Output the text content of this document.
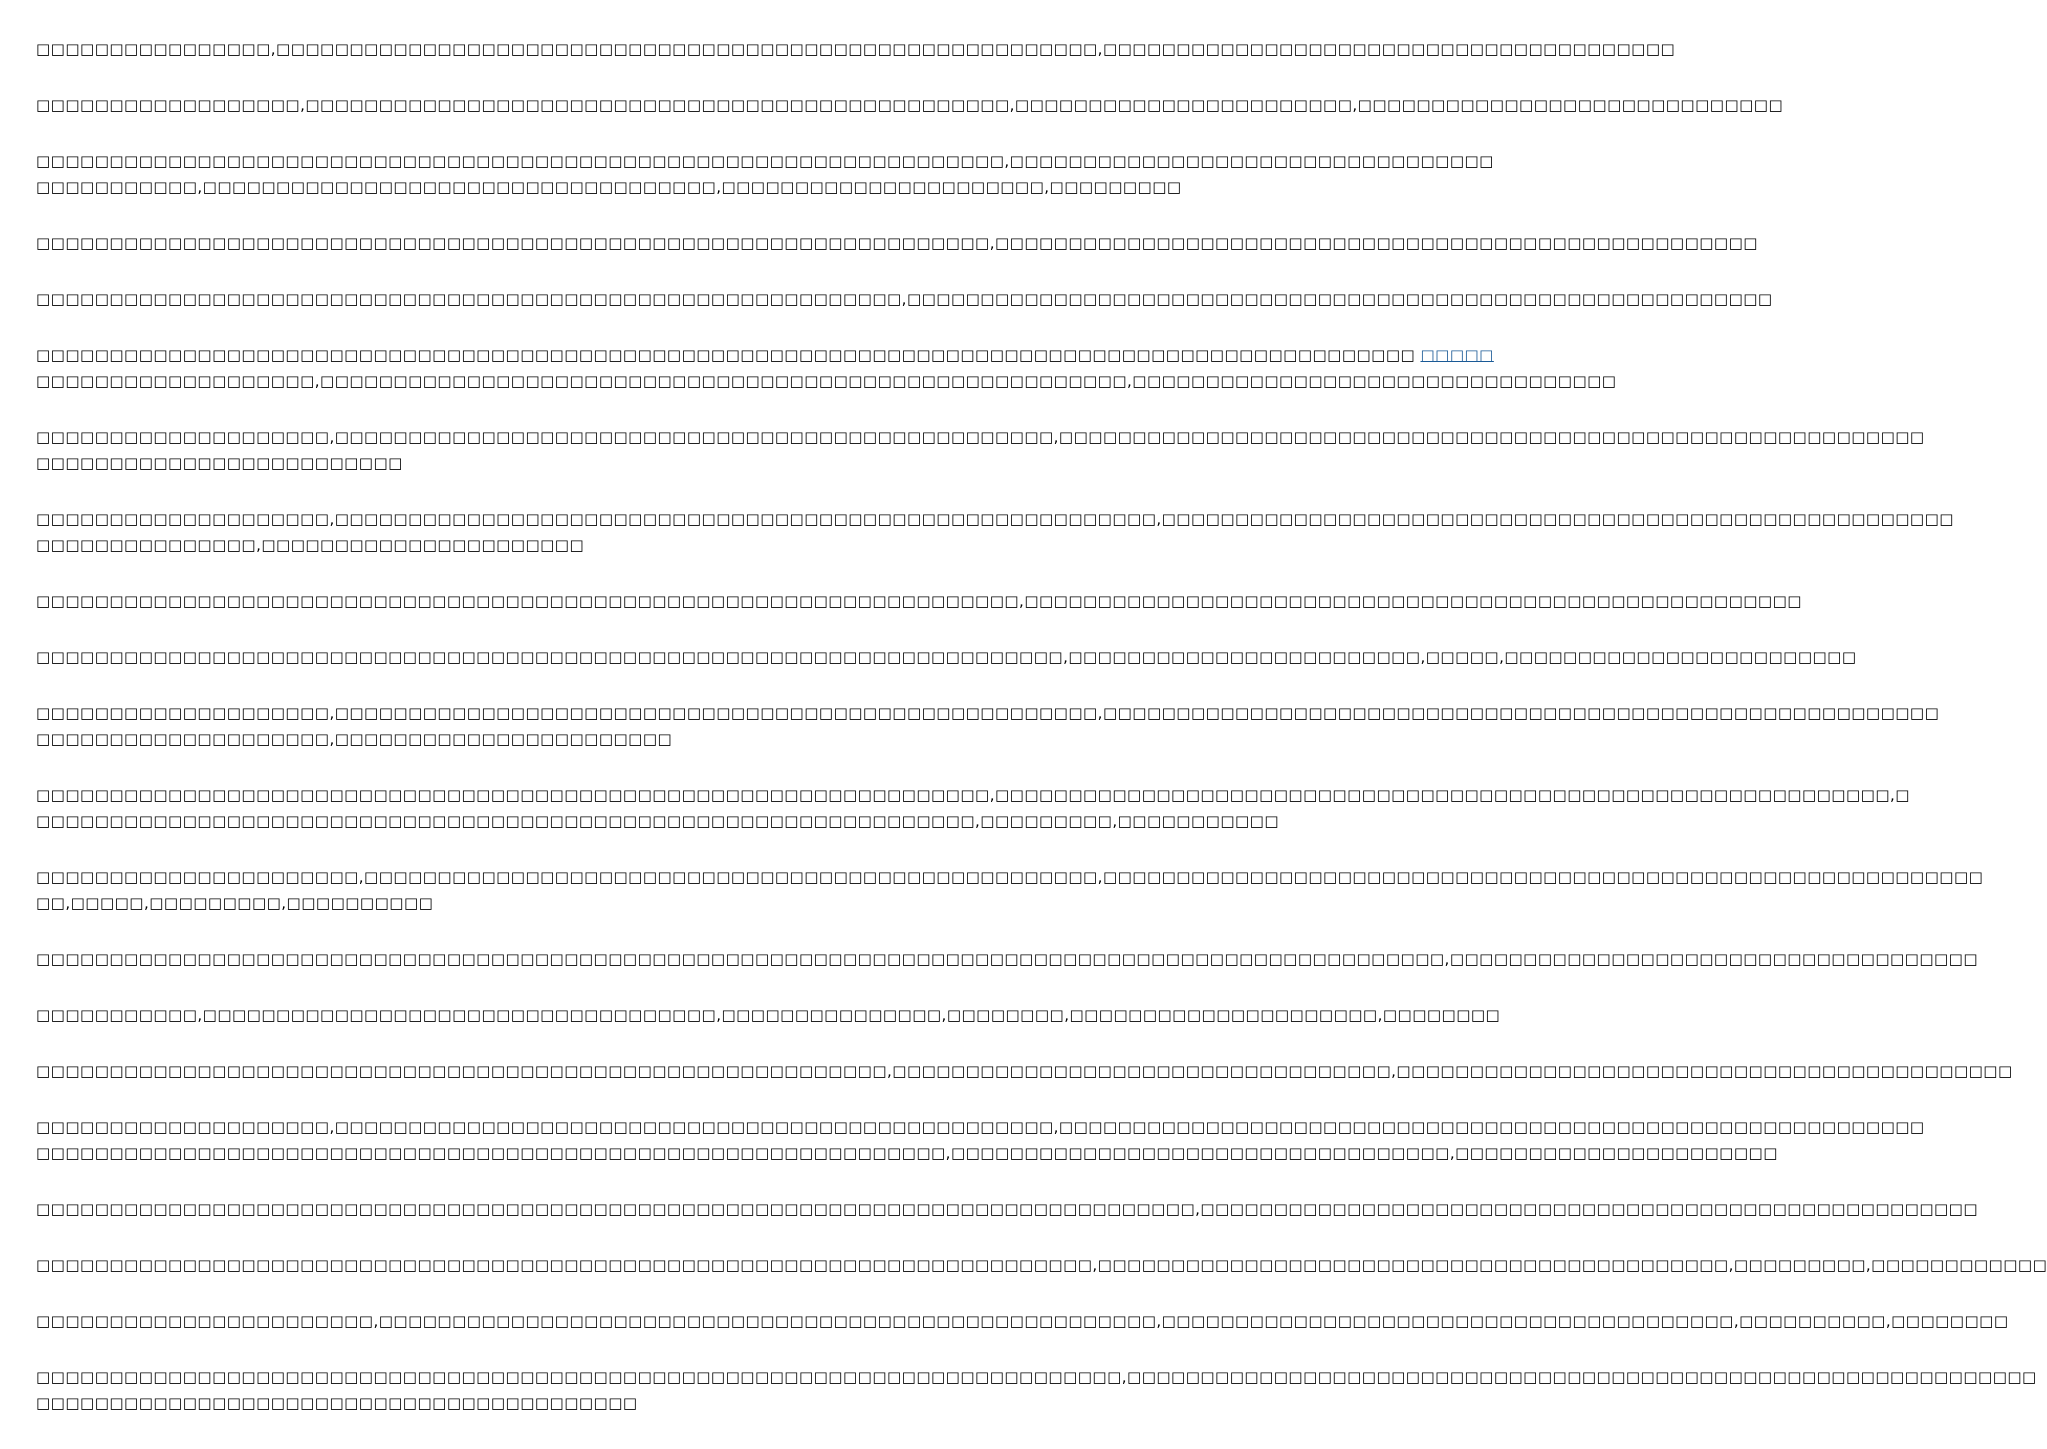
□□□□□□□□□□□□□□□□,□□□□□□□□□□□□□□□□□□□□□□□□□□□□□□□□□□□□□□□□□□□□□□□□□□□□□□□□,□□□□□□□□□□□□□□□□□□□□□□□□□□□□□□□□□□□□□□□
□□□□□□□□□□□□□□□□□□,□□□□□□□□□□□□□□□□□□□□□□□□□□□□□□□□□□□□□□□□□□□□□□□□,□□□□□□□□□□□□□□□□□□□□□□□,□□□□□□□□□□□□□□□□□□□□□□□□□□□□□
□□□□□□□□□□□□□□□□□□□□□□□□□□□□□□□□□□□□□□□□□□□□□□□□□□□□□□□□□□□□□□□□□□,□□□□□□□□□□□□□□□□□□□□□□□□□□□□□□□□□
□□□□□□□□□□□,□□□□□□□□□□□□□□□□□□□□□□□□□□□□□□□□□□□,□□□□□□□□□□□□□□□□□□□□□□,□□□□□□□□□
□□□□□□□□□□□□□□□□□□□□□□□□□□□□□□□□□□□□□□□□□□□□□□□□□□□□□□□□□□□□□□□□□,□□□□□□□□□□□□□□□□□□□□□□□□□□□□□□□□□□□□□□□□□□□□□□□□□□□□
□□□□□□□□□□□□□□□□□□□□□□□□□□□□□□□□□□□□□□□□□□□□□□□□□□□□□□□□□□□,□□□□□□□□□□□□□□□□□□□□□□□□□□□□□□□□□□□□□□□□□□□□□□□□□□□□□□□□□□□
□□□□□□□□□□□□□□□□□□□□□□□□□□□□□□□□□□□□□□□□□□□□□□□□□□□□□□□□□□□□□□□□□□□□□□□□□□□□□□□□□□□□□□□□□□□□□□ □□□□□
□□□□□□□□□□□□□□□□□□□,□□□□□□□□□□□□□□□□□□□□□□□□□□□□□□□□□□□□□□□□□□□□□□□□□□□□□□□,□□□□□□□□□□□□□□□□□□□□□□□□□□□□□□□□□
□□□□□□□□□□□□□□□□□□□□,□□□□□□□□□□□□□□□□□□□□□□□□□□□□□□□□□□□□□□□□□□□□□□□□□,□□□□□□□□□□□□□□□□□□□□□□□□□□□□□□□□□□□□□□□□□□□□□□□□□□□□□□□□□□□
□□□□□□□□□□□□□□□□□□□□□□□□□
□□□□□□□□□□□□□□□□□□□□,□□□□□□□□□□□□□□□□□□□□□□□□□□□□□□□□□□□□□□□□□□□□□□□□□□□□□□□□,□□□□□□□□□□□□□□□□□□□□□□□□□□□□□□□□□□□□□□□□□□□□□□□□□□□□□□
□□□□□□□□□□□□□□□,□□□□□□□□□□□□□□□□□□□□□□
□□□□□□□□□□□□□□□□□□□□□□□□□□□□□□□□□□□□□□□□□□□□□□□□□□□□□□□□□□□□□□□□□□□,□□□□□□□□□□□□□□□□□□□□□□□□□□□□□□□□□□□□□□□□□□□□□□□□□□□□□
□□□□□□□□□□□□□□□□□□□□□□□□□□□□□□□□□□□□□□□□□□□□□□□□□□□□□□□□□□□□□□□□□□□□□□,□□□□□□□□□□□□□□□□□□□□□□□□,□□□□□,□□□□□□□□□□□□□□□□□□□□□□□□
□□□□□□□□□□□□□□□□□□□□,□□□□□□□□□□□□□□□□□□□□□□□□□□□□□□□□□□□□□□□□□□□□□□□□□□□□,□□□□□□□□□□□□□□□□□□□□□□□□□□□□□□□□□□□□□□□□□□□□□□□□□□□□□□□□□
□□□□□□□□□□□□□□□□□□□□,□□□□□□□□□□□□□□□□□□□□□□□
□□□□□□□□□□□□□□□□□□□□□□□□□□□□□□□□□□□□□□□□□□□□□□□□□□□□□□□□□□□□□□□□□,□□□□□□□□□□□□□□□□□□□□□□□□□□□□□□□□□□□□□□□□□□□□□□□□□□□□□□□□□□□□□,□
□□□□□□□□□□□□□□□□□□□□□□□□□□□□□□□□□□□□□□□□□□□□□□□□□□□□□□□□□□□□□□□□,□□□□□□□□□,□□□□□□□□□□□
□□□□□□□□□□□□□□□□□□□□□□,□□□□□□□□□□□□□□□□□□□□□□□□□□□□□□□□□□□□□□□□□□□□□□□□□□,□□□□□□□□□□□□□□□□□□□□□□□□□□□□□□□□□□□□□□□□□□□□□□□□□□□□□□□□□□□□
□□,□□□□□,□□□□□□□□□,□□□□□□□□□□
□□□□□□□□□□□□□□□□□□□□□□□□□□□□□□□□□□□□□□□□□□□□□□□□□□□□□□□□□□□□□□□□□□□□□□□□□□□□□□□□□□□□□□□□□□□□□□□□,□□□□□□□□□□□□□□□□□□□□□□□□□□□□□□□□□□□□
□□□□□□□□□□□,□□□□□□□□□□□□□□□□□□□□□□□□□□□□□□□□□□□,□□□□□□□□□□□□□□□,□□□□□□□□,□□□□□□□□□□□□□□□□□□□□□,□□□□□□□□
□□□□□□□□□□□□□□□□□□□□□□□□□□□□□□□□□□□□□□□□□□□□□□□□□□□□□□□□□□,□□□□□□□□□□□□□□□□□□□□□□□□□□□□□□□□□□,□□□□□□□□□□□□□□□□□□□□□□□□□□□□□□□□□□□□□□□□□□
□□□□□□□□□□□□□□□□□□□□,□□□□□□□□□□□□□□□□□□□□□□□□□□□□□□□□□□□□□□□□□□□□□□□□□,□□□□□□□□□□□□□□□□□□□□□□□□□□□□□□□□□□□□□□□□□□□□□□□□□□□□□□□□□□□
□□□□□□□□□□□□□□□□□□□□□□□□□□□□□□□□□□□□□□□□□□□□□□□□□□□□□□□□□□□□□□,□□□□□□□□□□□□□□□□□□□□□□□□□□□□□□□□□□,□□□□□□□□□□□□□□□□□□□□□□
□□□□□□□□□□□□□□□□□□□□□□□□□□□□□□□□□□□□□□□□□□□□□□□□□□□□□□□□□□□□□□□□□□□□□□□□□□□□□□□,□□□□□□□□□□□□□□□□□□□□□□□□□□□□□□□□□□□□□□□□□□□□□□□□□□□□□
□□□□□□□□□□□□□□□□□□□□□□□□□□□□□□□□□□□□□□□□□□□□□□□□□□□□□□□□□□□□□□□□□□□□□□□□,□□□□□□□□□□□□□□□□□□□□□□□□□□□□□□□□□□□□□□□□□□□,□□□□□□□□□,□□□□□□□□□□□□
□□□□□□□□□□□□□□□□□□□□□□□,□□□□□□□□□□□□□□□□□□□□□□□□□□□□□□□□□□□□□□□□□□□□□□□□□□□□□,□□□□□□□□□□□□□□□□□□□□□□□□□□□□□□□□□□□□□□□,□□□□□□□□□□,□□□□□□□□
□□□□□□□□□□□□□□□□□□□□□□□□□□□□□□□□□□□□□□□□□□□□□□□□□□□□□□□□□□□□□□□□□□□□□□□□□□,□□□□□□□□□□□□□□□□□□□□□□□□□□□□□□□□□□□□□□□□□□□□□□□□□□□□□□□□□□□□□□
□□□□□□□□□□□□□□□□□□□□□□□□□□□□□□□□□□□□□□□□□
